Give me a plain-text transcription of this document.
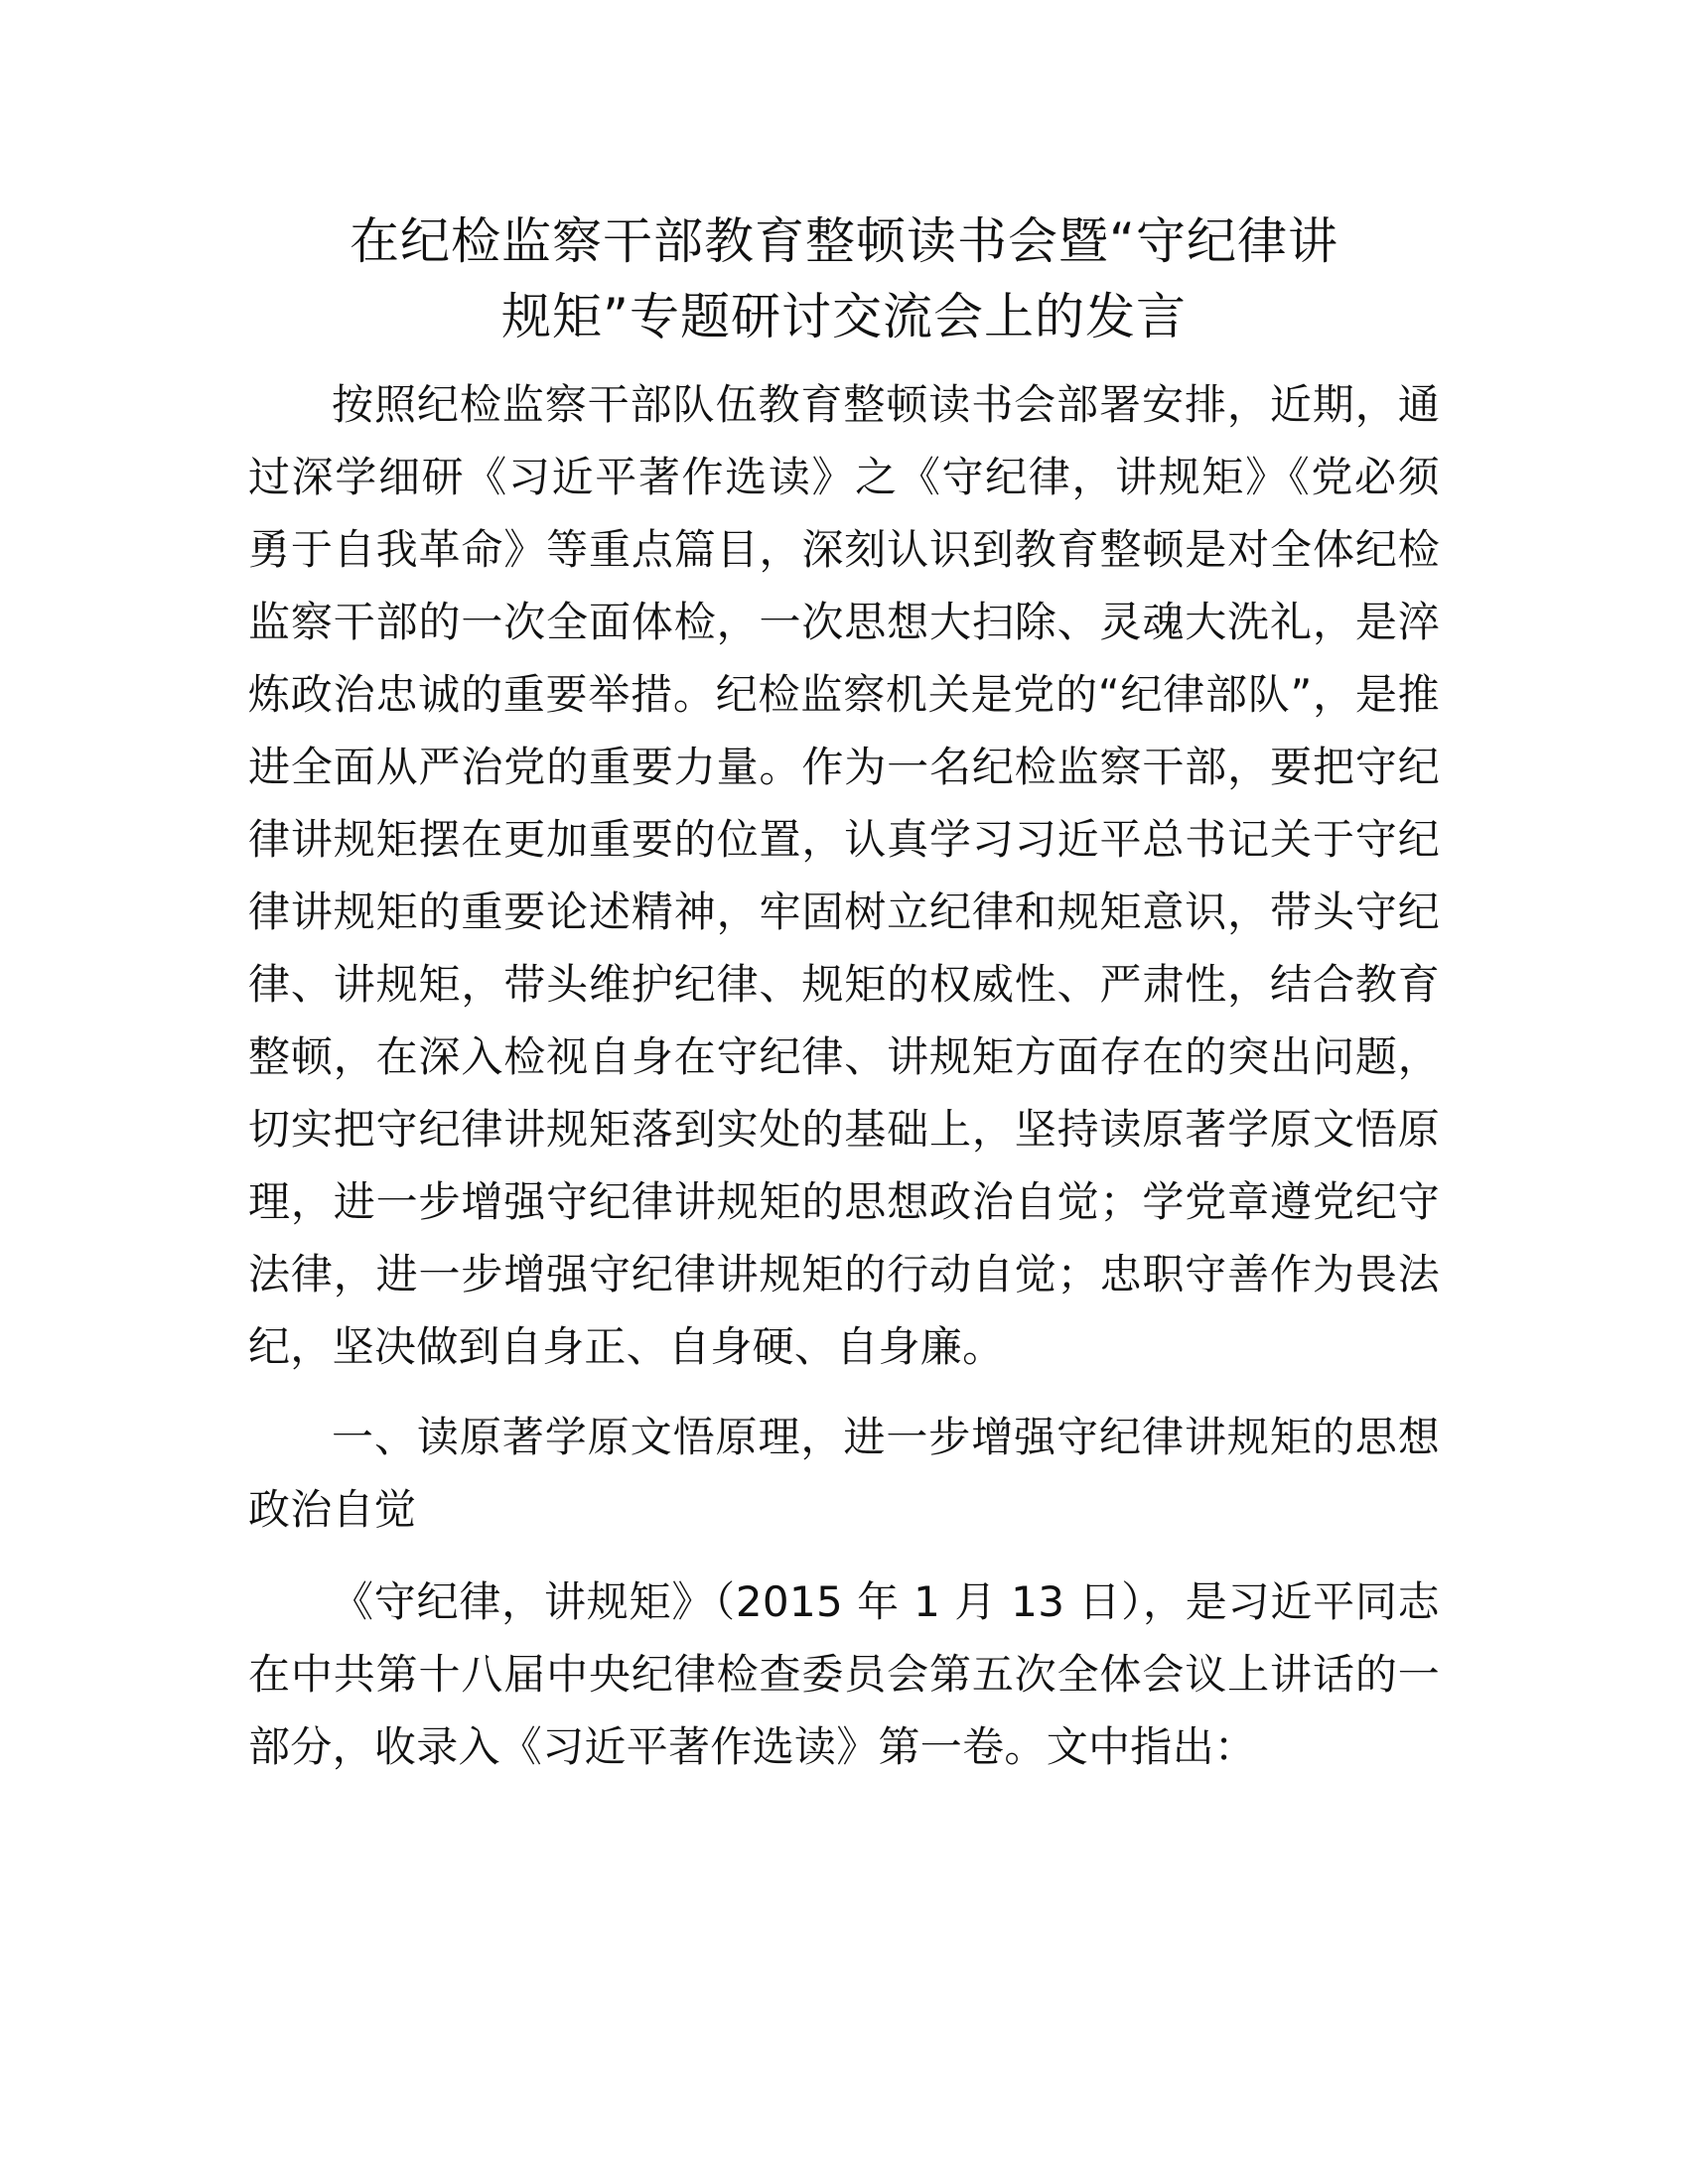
在纪检监察干部教育整顿读书会暨“守纪律讲
规矩”专题研讨交流会上的发言

按照纪检监察干部队伍教育整顿读书会部署安排，近期，通过深学细研《习近平著作选读》之《守纪律，讲规矩》《党必须勇于自我革命》等重点篇目，深刻认识到教育整顿是对全体纪检监察干部的一次全面体检，一次思想大扫除、灵魂大洗礼，是淬炼政治忠诚的重要举措。纪检监察机关是党的“纪律部队”，是推进全面从严治党的重要力量。作为一名纪检监察干部，要把守纪律讲规矩摆在更加重要的位置，认真学习习近平总书记关于守纪律讲规矩的重要论述精神，牢固树立纪律和规矩意识，带头守纪律、讲规矩，带头维护纪律、规矩的权威性、严肃性，结合教育整顿，在深入检视自身在守纪律、讲规矩方面存在的突出问题，切实把守纪律讲规矩落到实处的基础上，坚持读原著学原文悟原理，进一步增强守纪律讲规矩的思想政治自觉；学党章遵党纪守法律，进一步增强守纪律讲规矩的行动自觉；忠职守善作为畏法纪，坚决做到自身正、自身硬、自身廉。

一、读原著学原文悟原理，进一步增强守纪律讲规矩的思想政治自觉

《守纪律，讲规矩》（2015 年 1 月 13 日），是习近平同志在中共第十八届中央纪律检查委员会第五次全体会议上讲话的一部分，收录入《习近平著作选读》第一卷。文中指出：
